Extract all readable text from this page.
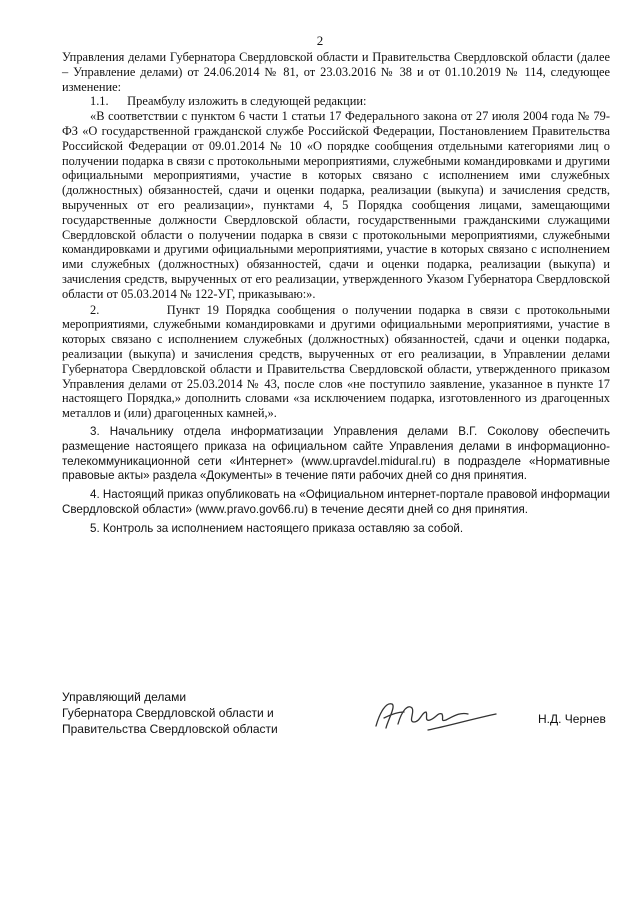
2

Управления делами Губернатора Свердловской области и Правительства Свердловской области (далее – Управление делами) от 24.06.2014 № 81, от 23.03.2016 № 38 и от 01.10.2019 № 114, следующее изменение:

1.1.      Преамбулу изложить в следующей редакции:

«В соответствии с пунктом 6 части 1 статьи 17 Федерального закона от 27 июля 2004 года № 79-ФЗ «О государственной гражданской службе Российской Федерации, Постановлением Правительства Российской Федерации от 09.01.2014 № 10 «О порядке сообщения отдельными категориями лиц о получении подарка в связи с протокольными мероприятиями, служебными командировками и другими официальными мероприятиями, участие в которых связано с исполнением ими служебных (должностных) обязанностей, сдачи и оценки подарка, реализации (выкупа) и зачисления средств, вырученных от его реализации», пунктами 4, 5 Порядка сообщения лицами, замещающими государственные должности Свердловской области, государственными гражданскими служащими Свердловской области о получении подарка в связи с протокольными мероприятиями, служебными командировками и другими официальными мероприятиями, участие в которых связано с исполнением ими служебных (должностных) обязанностей, сдачи и оценки подарка, реализации (выкупа) и зачисления средств, вырученных от его реализации, утвержденного Указом Губернатора Свердловской области от 05.03.2014 № 122-УГ, приказываю:».

2.          Пункт 19 Порядка сообщения о получении подарка в связи с протокольными мероприятиями, служебными командировками и другими официальными мероприятиями, участие в которых связано с исполнением служебных (должностных) обязанностей, сдачи и оценки подарка, реализации (выкупа) и зачисления средств, вырученных от его реализации, в Управлении делами Губернатора Свердловской области и Правительства Свердловской области, утвержденного приказом Управления делами от 25.03.2014 № 43, после слов «не поступило заявление, указанное в пункте 17 настоящего Порядка,» дополнить словами «за исключением подарка, изготовленного из драгоценных металлов и (или) драгоценных камней,».

3. Начальнику отдела информатизации Управления делами В.Г. Соколову обеспечить размещение настоящего приказа на официальном сайте Управления делами в информационно-телекоммуникационной сети «Интернет» (www.upravdel.midural.ru) в подразделе «Нормативные правовые акты» раздела «Документы» в течение пяти рабочих дней со дня принятия.

4. Настоящий приказ опубликовать на «Официальном интернет-портале правовой информации Свердловской области» (www.pravo.gov66.ru) в течение десяти дней со дня принятия.

5. Контроль за исполнением настоящего приказа оставляю за собой.

Управляющий делами
Губернатора Свердловской области и
Правительства Свердловской области
Н.Д. Чернев
